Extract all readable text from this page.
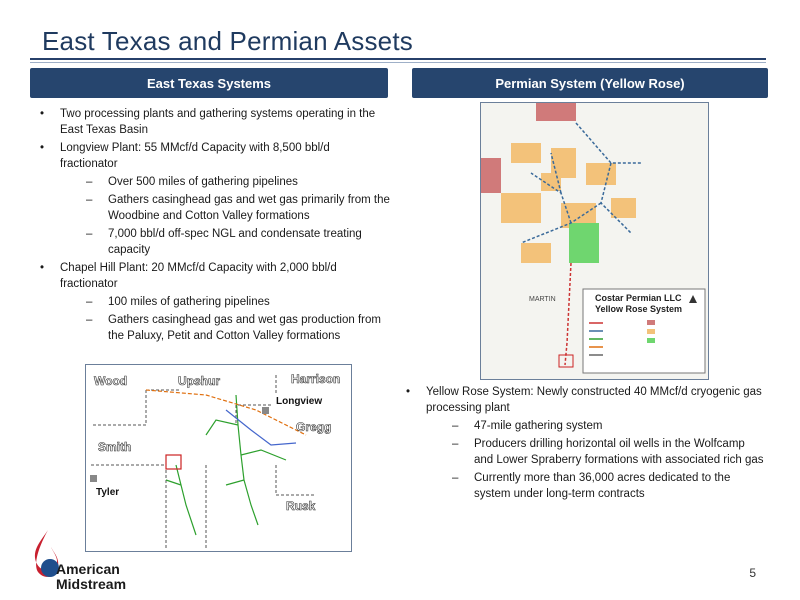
East Texas and Permian Assets
East Texas Systems	Permian System (Yellow Rose)
• Two processing plants and gathering systems operating in the East Texas Basin
• Longview Plant: 55 MMcf/d Capacity with 8,500 bbl/d fractionator
– Over 500 miles of gathering pipelines
– Gathers casinghead gas and wet gas primarily from the Woodbine and Cotton Valley formations
– 7,000 bbl/d off-spec NGL and condensate treating capacity
• Chapel Hill Plant: 20 MMcf/d Capacity with 2,000 bbl/d fractionator
– 100 miles of gathering pipelines
– Gathers casinghead gas and wet gas production from the Paluxy, Petit and Cotton Valley formations
• Yellow Rose System: Newly constructed 40 MMcf/d cryogenic gas processing plant
– 47-mile gathering system
– Producers drilling horizontal oil wells in the Wolfcamp and Lower Spraberry formations with associated rich gas
– Currently more than 36,000 acres dedicated to the system under long-term contracts
Wood	Upshur	Harrison
Gregg
Smith
Rusk
Longview
Tyler
MARTIN	Costar Permian LLC
Yellow Rose System
American
Midstream
5
